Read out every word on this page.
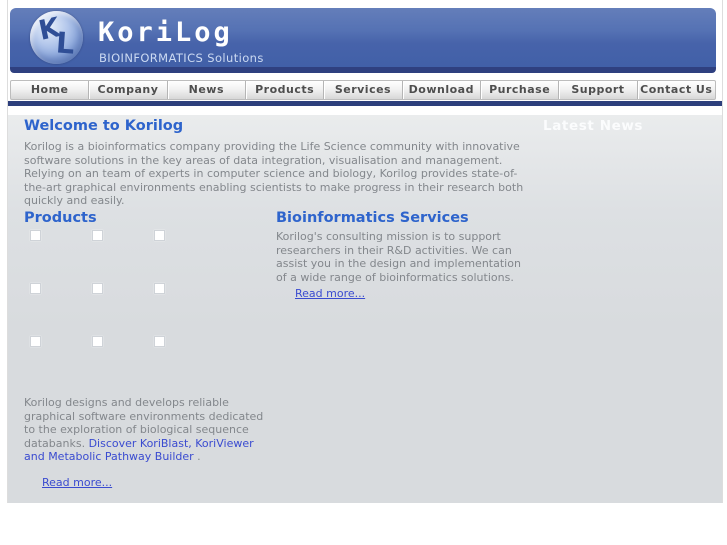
K
L KoriLog
BIOINFORMATICS Solutions
Home	Company	News	Products	Services	Download	Purchase	Support	Contact Us
Welcome to Korilog
Korilog is a bioinformatics company providing the Life Science community with innovative software solutions in the key areas of data integration, visualisation and management. Relying on an team of experts in computer science and biology, Korilog provides state-of-the-art graphical environments enabling scientists to make progress in their research both quickly and easily.
Latest News
Products
Korilog designs and develops reliable graphical software environments dedicated to the exploration of biological sequence databanks. Discover KoriBlast, KoriViewer and Metabolic Pathway Builder .
Read more...
Bioinformatics Services
Korilog's consulting mission is to support researchers in their R&D activities. We can assist you in the design and implementation of a wide range of bioinformatics solutions.
Read more...
